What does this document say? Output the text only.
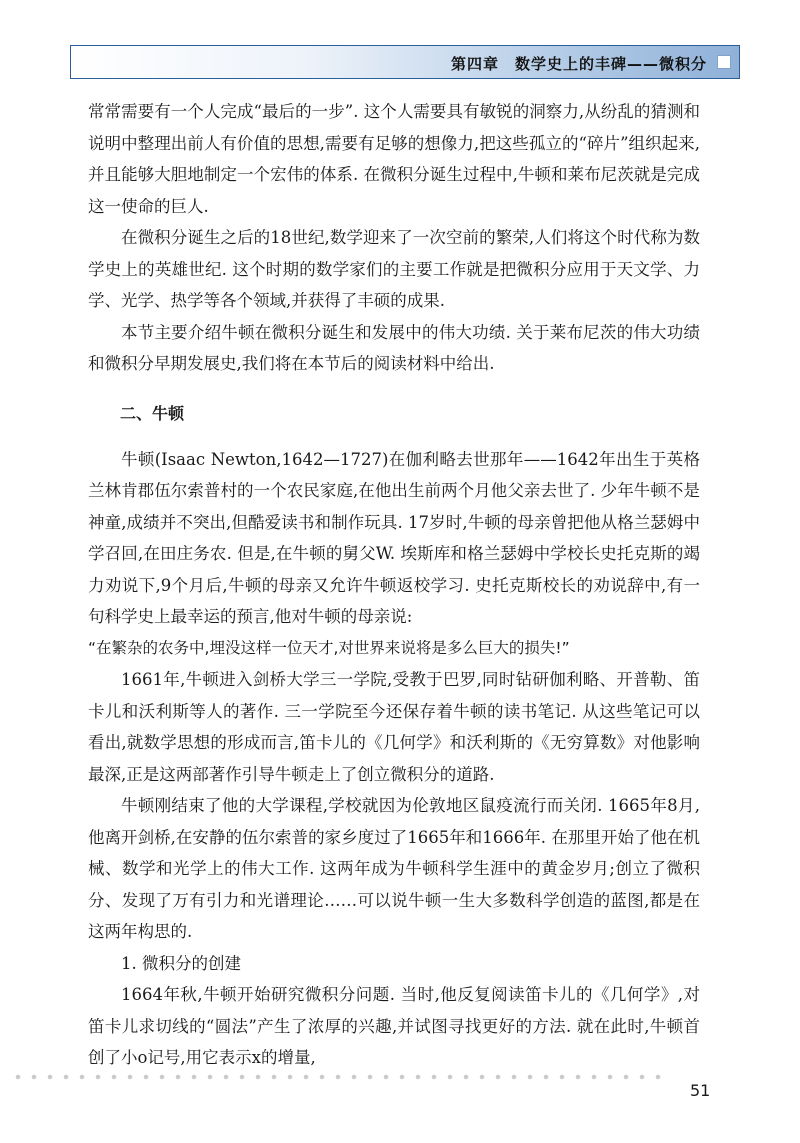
第四章　数学史上的丰碑——微积分

常常需要有一个人完成“最后的一步”. 这个人需要具有敏锐的洞察力,从纷乱的猜测和说明中整理出前人有价值的思想,需要有足够的想像力,把这些孤立的“碎片”组织起来,并且能够大胆地制定一个宏伟的体系. 在微积分诞生过程中,牛顿和莱布尼茨就是完成这一使命的巨人.

在微积分诞生之后的18世纪,数学迎来了一次空前的繁荣,人们将这个时代称为数学史上的英雄世纪. 这个时期的数学家们的主要工作就是把微积分应用于天文学、力学、光学、热学等各个领域,并获得了丰硕的成果.

本节主要介绍牛顿在微积分诞生和发展中的伟大功绩. 关于莱布尼茨的伟大功绩和微积分早期发展史,我们将在本节后的阅读材料中给出.

二、牛顿

牛顿(Isaac Newton,1642—1727)在伽利略去世那年——1642年出生于英格兰林肯郡伍尔索普村的一个农民家庭,在他出生前两个月他父亲去世了. 少年牛顿不是神童,成绩并不突出,但酷爱读书和制作玩具. 17岁时,牛顿的母亲曾把他从格兰瑟姆中学召回,在田庄务农. 但是,在牛顿的舅父W. 埃斯库和格兰瑟姆中学校长史托克斯的竭力劝说下,9个月后,牛顿的母亲又允许牛顿返校学习. 史托克斯校长的劝说辞中,有一句科学史上最幸运的预言,他对牛顿的母亲说:

“在繁杂的农务中,埋没这样一位天才,对世界来说将是多么巨大的损失!”

1661年,牛顿进入剑桥大学三一学院,受教于巴罗,同时钻研伽利略、开普勒、笛卡儿和沃利斯等人的著作. 三一学院至今还保存着牛顿的读书笔记. 从这些笔记可以看出,就数学思想的形成而言,笛卡儿的《几何学》和沃利斯的《无穷算数》对他影响最深,正是这两部著作引导牛顿走上了创立微积分的道路.

牛顿刚结束了他的大学课程,学校就因为伦敦地区鼠疫流行而关闭. 1665年8月,他离开剑桥,在安静的伍尔索普的家乡度过了1665年和1666年. 在那里开始了他在机械、数学和光学上的伟大工作. 这两年成为牛顿科学生涯中的黄金岁月;创立了微积分、发现了万有引力和光谱理论……可以说牛顿一生大多数科学创造的蓝图,都是在这两年构思的.

1. 微积分的创建

1664年秋,牛顿开始研究微积分问题. 当时,他反复阅读笛卡儿的《几何学》,对笛卡儿求切线的“圆法”产生了浓厚的兴趣,并试图寻找更好的方法. 就在此时,牛顿首创了小o记号,用它表示x的增量,

51
